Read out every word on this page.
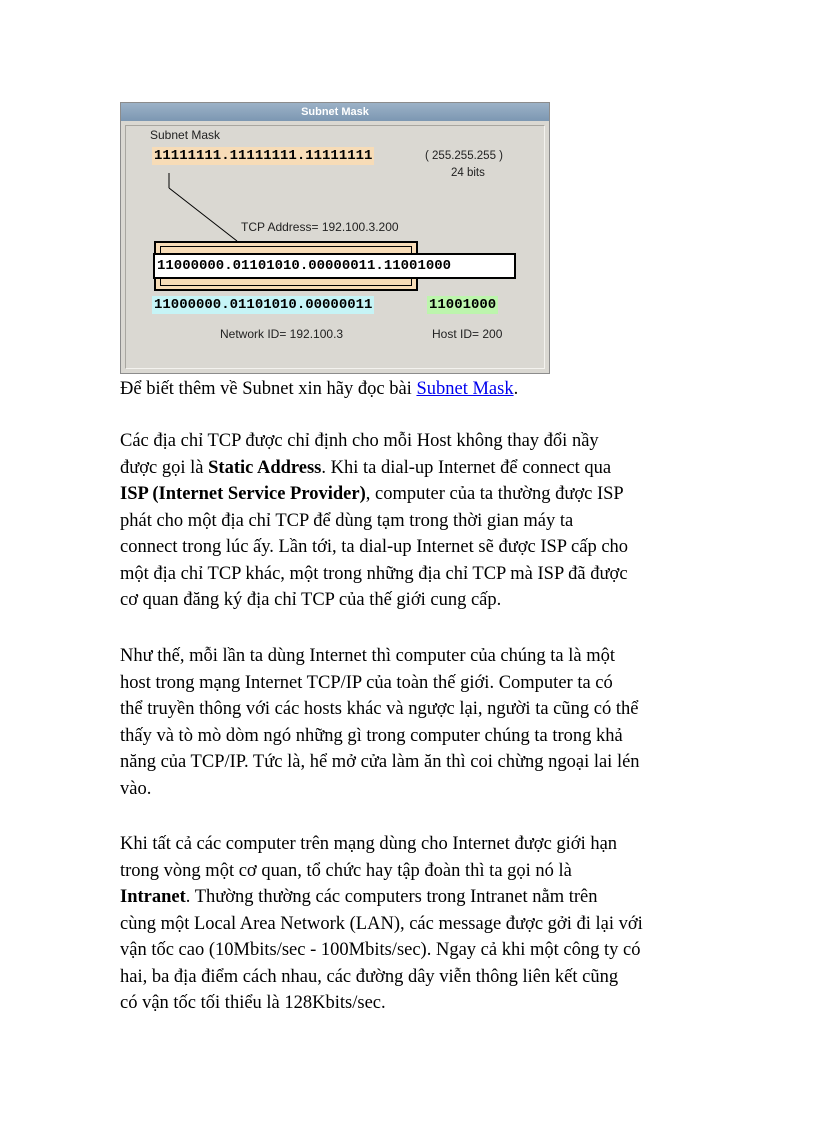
Subnet Mask
Subnet Mask
11111111.11111111.11111111	( 255.255.255 )
24 bits
TCP Address= 192.100.3.200
11000000.01101010.00000011.11001000
11000000.01101010.00000011	11001000
Network ID= 192.100.3	Host ID= 200
Để biết thêm về Subnet xin hãy đọc bài Subnet Mask.
Các địa chỉ TCP được chỉ định cho mỗi Host không thay đổi nầy
được gọi là Static Address. Khi ta dial-up Internet để connect qua
ISP (Internet Service Provider), computer của ta thường được ISP
phát cho một địa chỉ TCP để dùng tạm trong thời gian máy ta
connect trong lúc ấy. Lần tới, ta dial-up Internet sẽ được ISP cấp cho
một địa chỉ TCP khác, một trong những địa chỉ TCP mà ISP đã được
cơ quan đăng ký địa chỉ TCP của thế giới cung cấp.
Như thế, mỗi lần ta dùng Internet thì computer của chúng ta là một
host trong mạng Internet TCP/IP của toàn thế giới. Computer ta có
thể truyền thông với các hosts khác và ngược lại, người ta cũng có thể
thấy và tò mò dòm ngó những gì trong computer chúng ta trong khả
năng của TCP/IP. Tức là, hể mở cửa làm ăn thì coi chừng ngoại lai lén
vào.
Khi tất cả các computer trên mạng dùng cho Internet được giới hạn
trong vòng một cơ quan, tổ chức hay tập đoàn thì ta gọi nó là
Intranet. Thường thường các computers trong Intranet nằm trên
cùng một Local Area Network (LAN), các message được gởi đi lại với
vận tốc cao (10Mbits/sec - 100Mbits/sec). Ngay cả khi một công ty có
hai, ba địa điểm cách nhau, các đường dây viễn thông liên kết cũng
có vận tốc tối thiểu là 128Kbits/sec.
